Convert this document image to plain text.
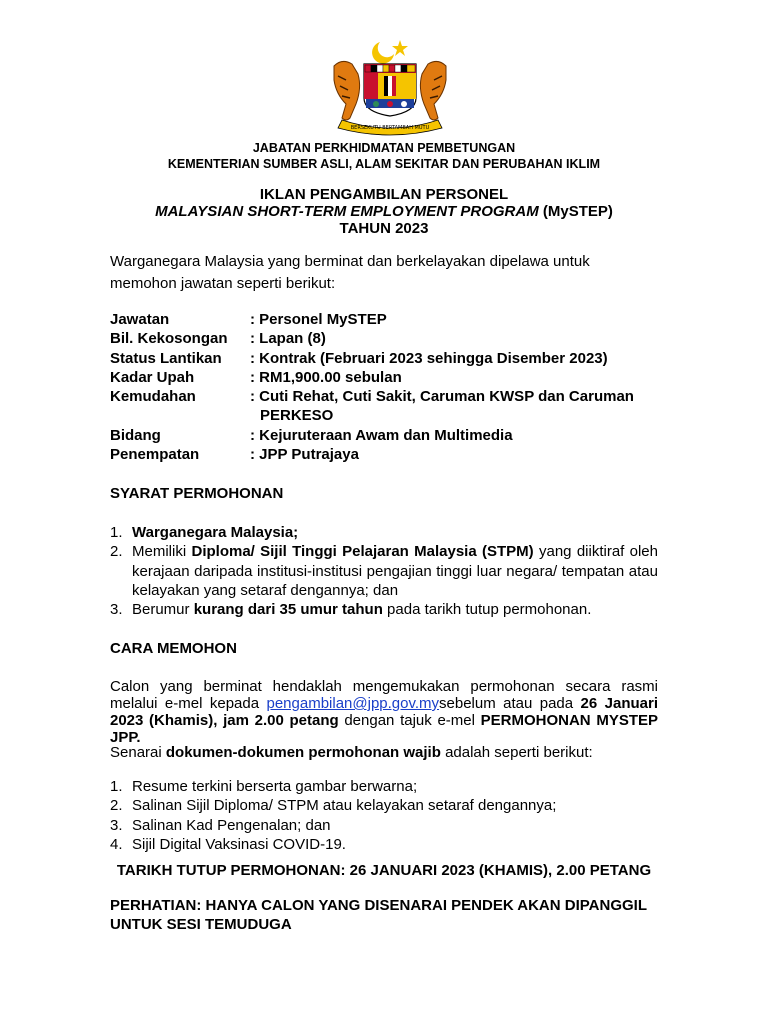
BERSEKUTU BERTAMBAH MUTU
JABATAN PERKHIDMATAN PEMBETUNGAN
KEMENTERIAN SUMBER ASLI, ALAM SEKITAR DAN PERUBAHAN IKLIM
IKLAN PENGAMBILAN PERSONEL
MALAYSIAN SHORT-TERM EMPLOYMENT PROGRAM (MySTEP)
TAHUN 2023
Warganegara Malaysia yang berminat dan berkelayakan dipelawa untuk memohon jawatan seperti berikut:
Jawatan	: Personel MySTEP
Bil. Kekosongan	: Lapan (8)
Status Lantikan	: Kontrak (Februari 2023 sehingga Disember 2023)
Kadar Upah	: RM1,900.00 sebulan
Kemudahan	: Cuti Rehat, Cuti Sakit, Caruman KWSP dan Caruman
PERKESO
Bidang	: Kejuruteraan Awam dan Multimedia
Penempatan	: JPP Putrajaya
SYARAT PERMOHONAN
1. Warganegara Malaysia;
2. Memiliki Diploma/ Sijil Tinggi Pelajaran Malaysia (STPM) yang diiktiraf oleh kerajaan daripada institusi-institusi pengajian tinggi luar negara/ tempatan atau kelayakan yang setaraf dengannya; dan
3. Berumur kurang dari 35 umur tahun pada tarikh tutup permohonan.
CARA MEMOHON
Calon yang berminat hendaklah mengemukakan permohonan secara rasmi melalui e-mel kepada pengambilan@jpp.gov.mysebelum atau pada 26 Januari 2023 (Khamis), jam 2.00 petang dengan tajuk e-mel PERMOHONAN MYSTEP JPP.
Senarai dokumen-dokumen permohonan wajib adalah seperti berikut:
1. Resume terkini berserta gambar berwarna;
2. Salinan Sijil Diploma/ STPM atau kelayakan setaraf dengannya;
3. Salinan Kad Pengenalan; dan
4. Sijil Digital Vaksinasi COVID-19.
TARIKH TUTUP PERMOHONAN: 26 JANUARI 2023 (KHAMIS), 2.00 PETANG
PERHATIAN: HANYA CALON YANG DISENARAI PENDEK AKAN DIPANGGIL UNTUK SESI TEMUDUGA
